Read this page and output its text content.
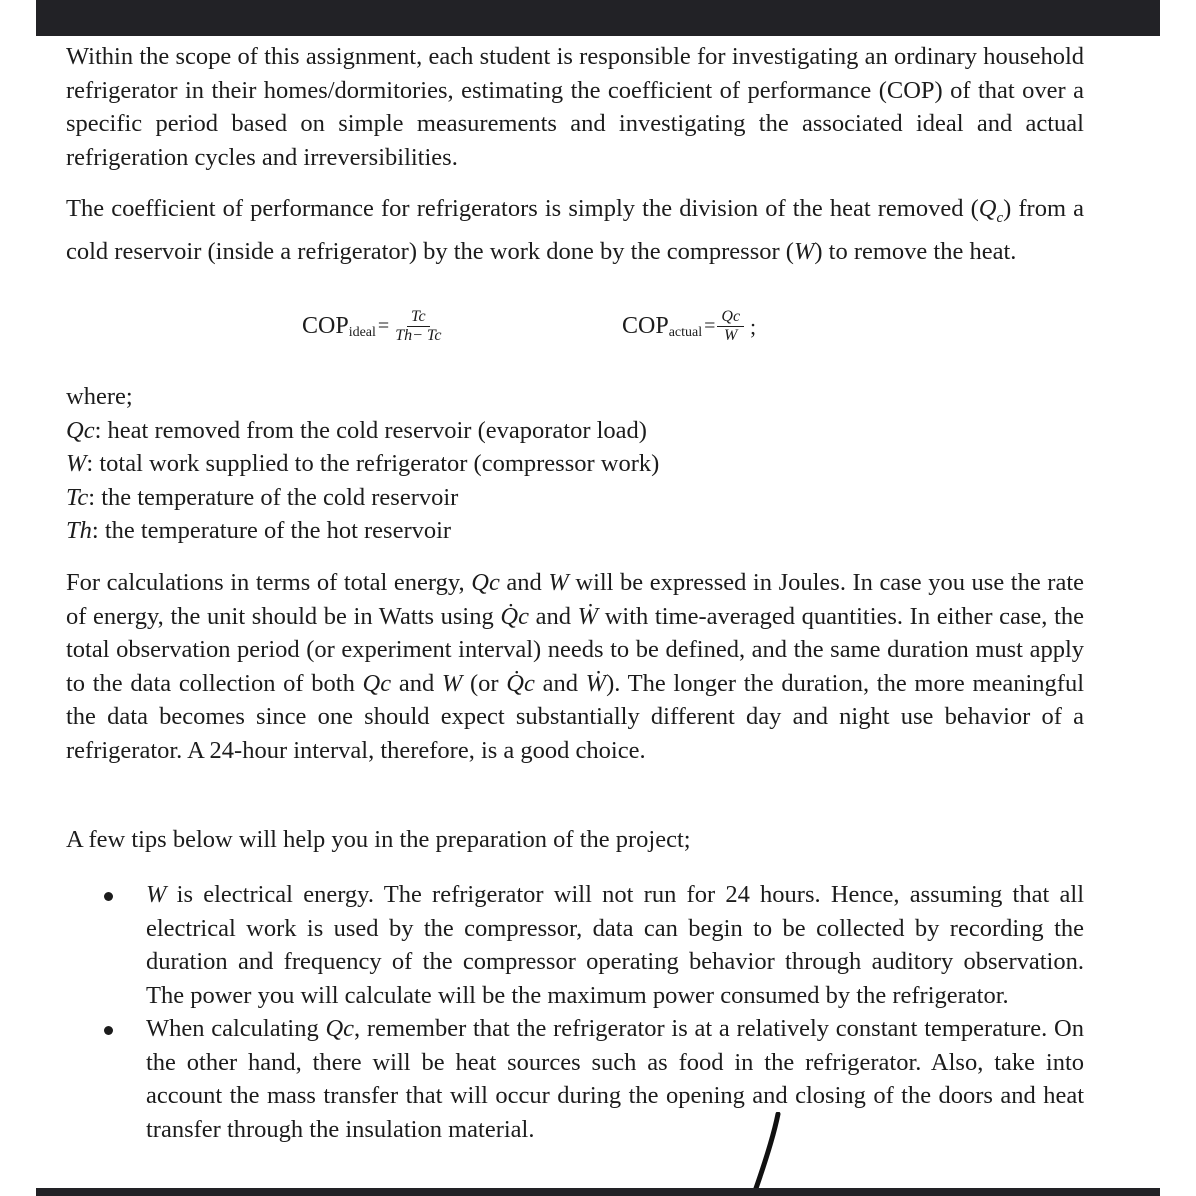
Within the scope of this assignment, each student is responsible for investigating an ordinary household refrigerator in their homes/dormitories, estimating the coefficient of performance (COP) of that over a specific period based on simple measurements and investigating the associated ideal and actual refrigeration cycles and irreversibilities.

The coefficient of performance for refrigerators is simply the division of the heat removed $(Q_c)$ from a cold reservoir (inside a refrigerator) by the work done by the compressor (W) to remove the heat.

COP ideal = $\frac{Tc}{Th- Tc}$	COP actual = $\frac{Qc}{W}$ ;
where;
Qc: heat removed from the cold reservoir (evaporator load)
W: total work supplied to the refrigerator (compressor work)
Tc: the temperature of the cold reservoir
Th: the temperature of the hot reservoir

For calculations in terms of total energy, Qc and W will be expressed in Joules. In case you use the rate of energy, the unit should be in Watts using Q̇c and Ẇ with time-averaged quantities. In either case, the total observation period (or experiment interval) needs to be defined, and the same duration must apply to the data collection of both Qc and W (or Q̇c and Ẇ). The longer the duration, the more meaningful the data becomes since one should expect substantially different day and night use behavior of a refrigerator. A 24-hour interval, therefore, is a good choice.

A few tips below will help you in the preparation of the project;

W is electrical energy. The refrigerator will not run for 24 hours. Hence, assuming that all electrical work is used by the compressor, data can begin to be collected by recording the duration and frequency of the compressor operating behavior through auditory observation. The power you will calculate will be the maximum power consumed by the refrigerator.

When calculating Qc, remember that the refrigerator is at a relatively constant temperature. On the other hand, there will be heat sources such as food in the refrigerator. Also, take into account the mass transfer that will occur during the opening and closing of the doors and heat transfer through the insulation material.
